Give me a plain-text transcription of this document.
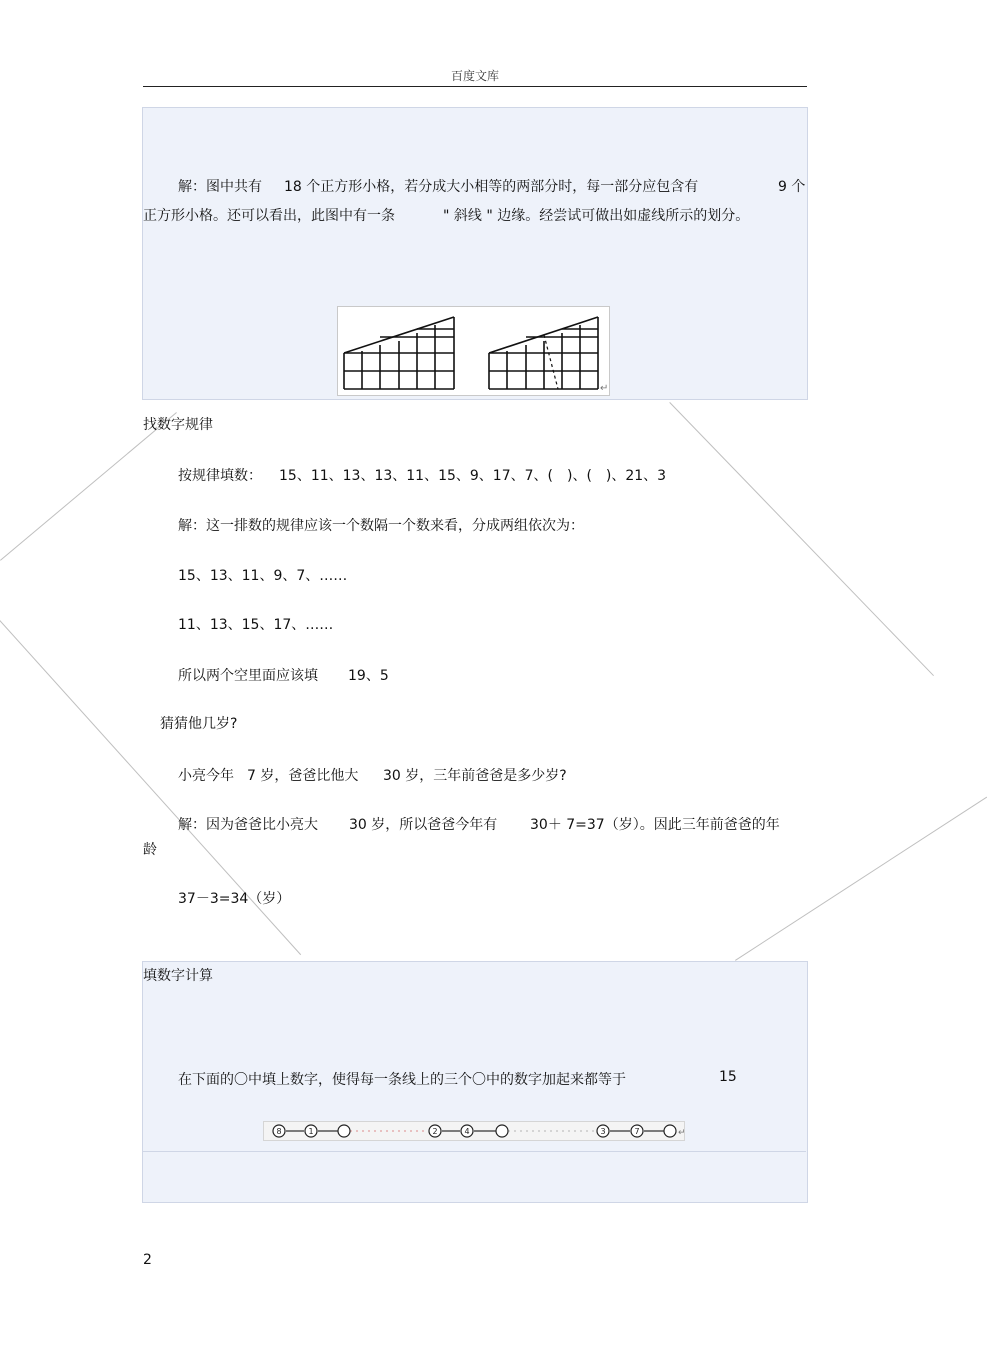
百度文库
解：图中共有 18 个正方形小格，若分成大小相等的两部分时，每一部分应包含有	9 个
正方形小格。还可以看出，此图中有一条	" 斜线 " 边缘。经尝试可做出如虚线所示的划分。
↵
找数字规律
按规律填数： 15、11、13、13、11、15、9、17、7、(　)、(　)、21、3
解：这一排数的规律应该一个数隔一个数来看，分成两组依次为：
15、13、11、9、7、……
11、13、15、17、……
所以两个空里面应该填 19、5
猜猜他几岁?
小亮今年 7 岁，爸爸比他大 30 岁，三年前爸爸是多少岁?
解：因为爸爸比小亮大 30 岁，所以爸爸今年有 30＋ 7=37（岁）。因此三年前爸爸的年
龄
37－3=34（岁）
填数字计算
在下面的〇中填上数字，使得每一条线上的三个〇中的数字加起来都等于	15
8	1	2	4	3	7	↵
2
